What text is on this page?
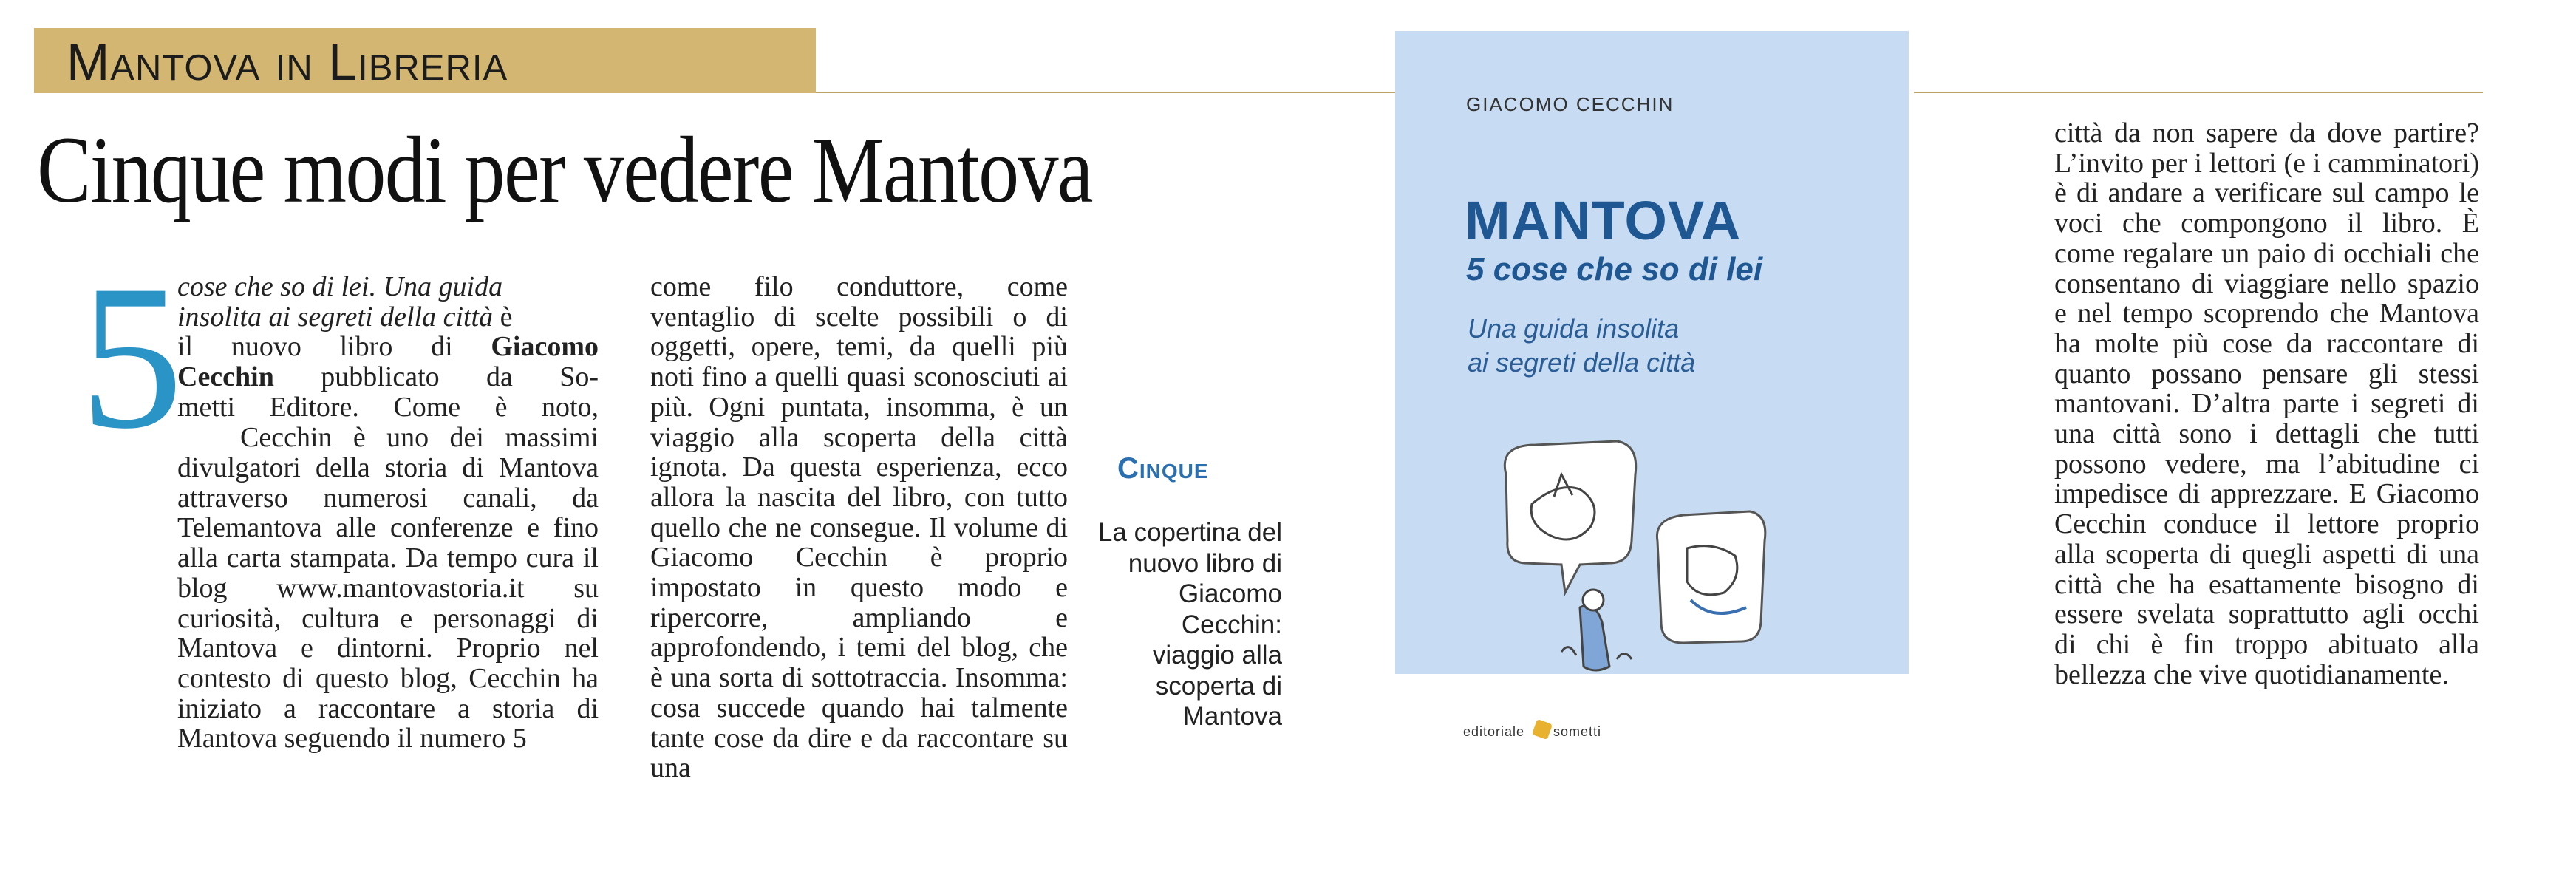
Mantova in Libreria
Cinque modi per vedere Mantova
5
cose che so di lei. Una guida
insolita ai segreti della città è
il nuovo libro di Giacomo
Cecchin pubblicato da So-
metti Editore. Come è noto,
Cecchin è uno dei massimi

divulgatori della storia di Mantova attraverso numerosi canali, da Telemantova alle conferenze e fino alla carta stampata. Da tempo cura il blog www.mantovastoria.it su curiosità, cultura e personaggi di Mantova e dintorni. Proprio nel contesto di questo blog, Cecchin ha iniziato a raccontare a storia di Mantova seguendo il numero 5

come filo conduttore, come ventaglio di scelte possibili o di oggetti, opere, temi, da quelli più noti fino a quelli quasi sconosciuti ai più. Ogni puntata, insomma, è un viaggio alla scoperta della città ignota. Da questa esperienza, ecco allora la nascita del libro, con tutto quello che ne consegue. Il volume di Giacomo Cecchin è proprio impostato in questo modo e ripercorre, ampliando e approfondendo, i temi del blog, che è una sorta di sottotraccia. Insomma: cosa succede quando hai talmente tante cose da dire e da raccontare su una

Cinque
La copertina del nuovo libro di Giacomo Cecchin: viaggio alla scoperta di Mantova
GIACOMO CECCHIN
MANTOVA
5 cose che so di lei
Una guida insolita
ai segreti della città
editoriale sometti

città da non sapere da dove partire? L’invito per i lettori (e i camminatori) è di andare a verificare sul campo le voci che compongono il libro. È come regalare un paio di occhiali che consentano di viaggiare nello spazio e nel tempo scoprendo che Mantova ha molte più cose da raccontare di quanto possano pensare gli stessi mantovani. D’altra parte i segreti di una città sono i dettagli che tutti possono vedere, ma l’abitudine ci impedisce di apprezzare. E Giacomo Cecchin conduce il lettore proprio alla scoperta di quegli aspetti di una città che ha esattamente bisogno di essere svelata soprattutto agli occhi di chi è fin troppo abituato alla bellezza che vive quotidianamente.
